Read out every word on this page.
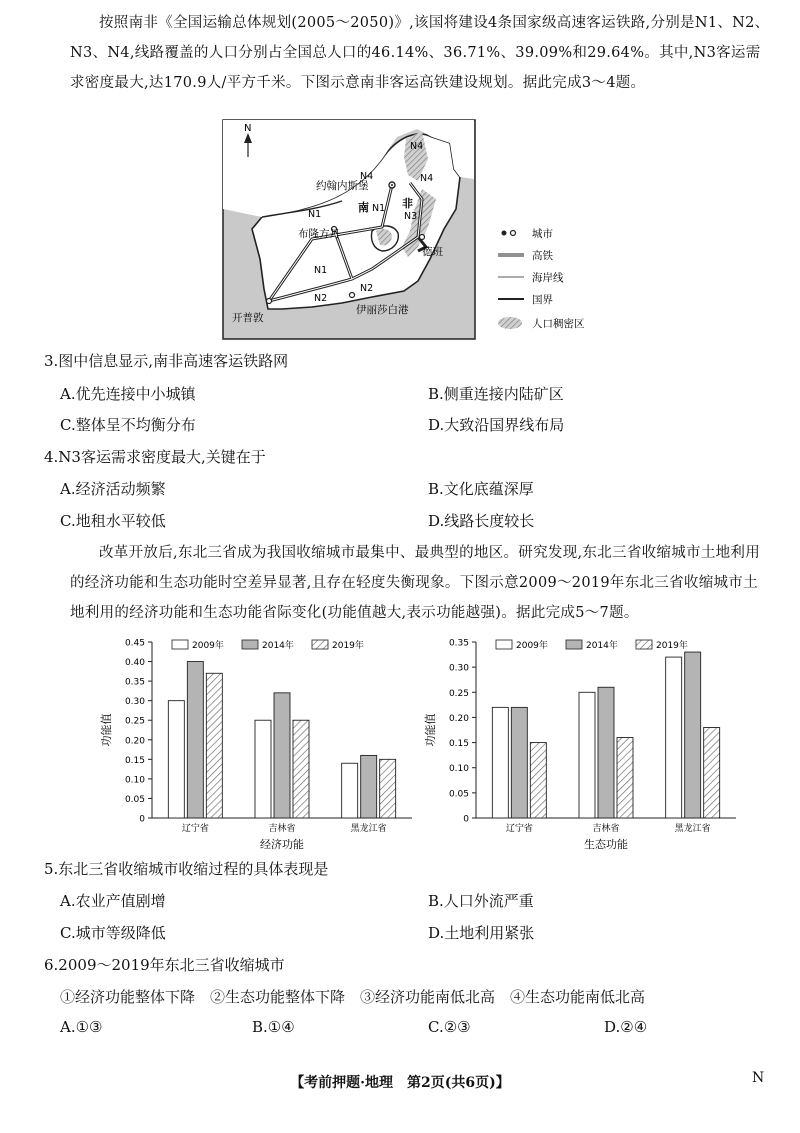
按照南非《全国运输总体规划(2005～2050)》,该国将建设4条国家级高速客运铁路,分别是N1、N2、N3、N4,线路覆盖的人口分别占全国总人口的46.14%、36.71%、39.09%和29.64%。其中,N3客运需求密度最大,达170.9人/平方千米。下图示意南非客运高铁建设规划。据此完成3～4题。

N
约翰内斯堡
布隆方丹
德班
开普敦
伊丽莎白港
南	非
N4	N4
N4
N1
N1
N1
N2
N2
N3
城市
高铁
海岸线
国界
人口稠密区
3.图中信息显示,南非高速客运铁路网
A.优先连接中小城镇	B.侧重连接内陆矿区
C.整体呈不均衡分布	D.大致沿国界线布局
4.N3客运需求密度最大,关键在于
A.经济活动频繁	B.文化底蕴深厚
C.地租水平较低	D.线路长度较长

改革开放后,东北三省成为我国收缩城市最集中、最典型的地区。研究发现,东北三省收缩城市土地利用的经济功能和生态功能时空差异显著,且存在轻度失衡现象。下图示意2009～2019年东北三省收缩城市土地利用的经济功能和生态功能省际变化(功能值越大,表示功能越强)。据此完成5～7题。

0
0.05
0.10
0.15
0.20
0.25
0.30
0.35
0.40
0.45
功能值
辽宁省	吉林省	黑龙江省
经济功能
2009年	2014年	2019年
0
0.05
0.10
0.15
0.20
0.25
0.30
0.35
功能值
辽宁省	吉林省	黑龙江省
生态功能
2009年	2014年	2019年
5.东北三省收缩城市收缩过程的具体表现是
A.农业产值剧增	B.人口外流严重
C.城市等级降低	D.土地利用紧张
6.2009～2019年东北三省收缩城市
①经济功能整体下降　②生态功能整体下降　③经济功能南低北高　④生态功能南低北高
A.①③	B.①④	C.②③	D.②④
【考前押题·地理　第2页(共6页)】	N
